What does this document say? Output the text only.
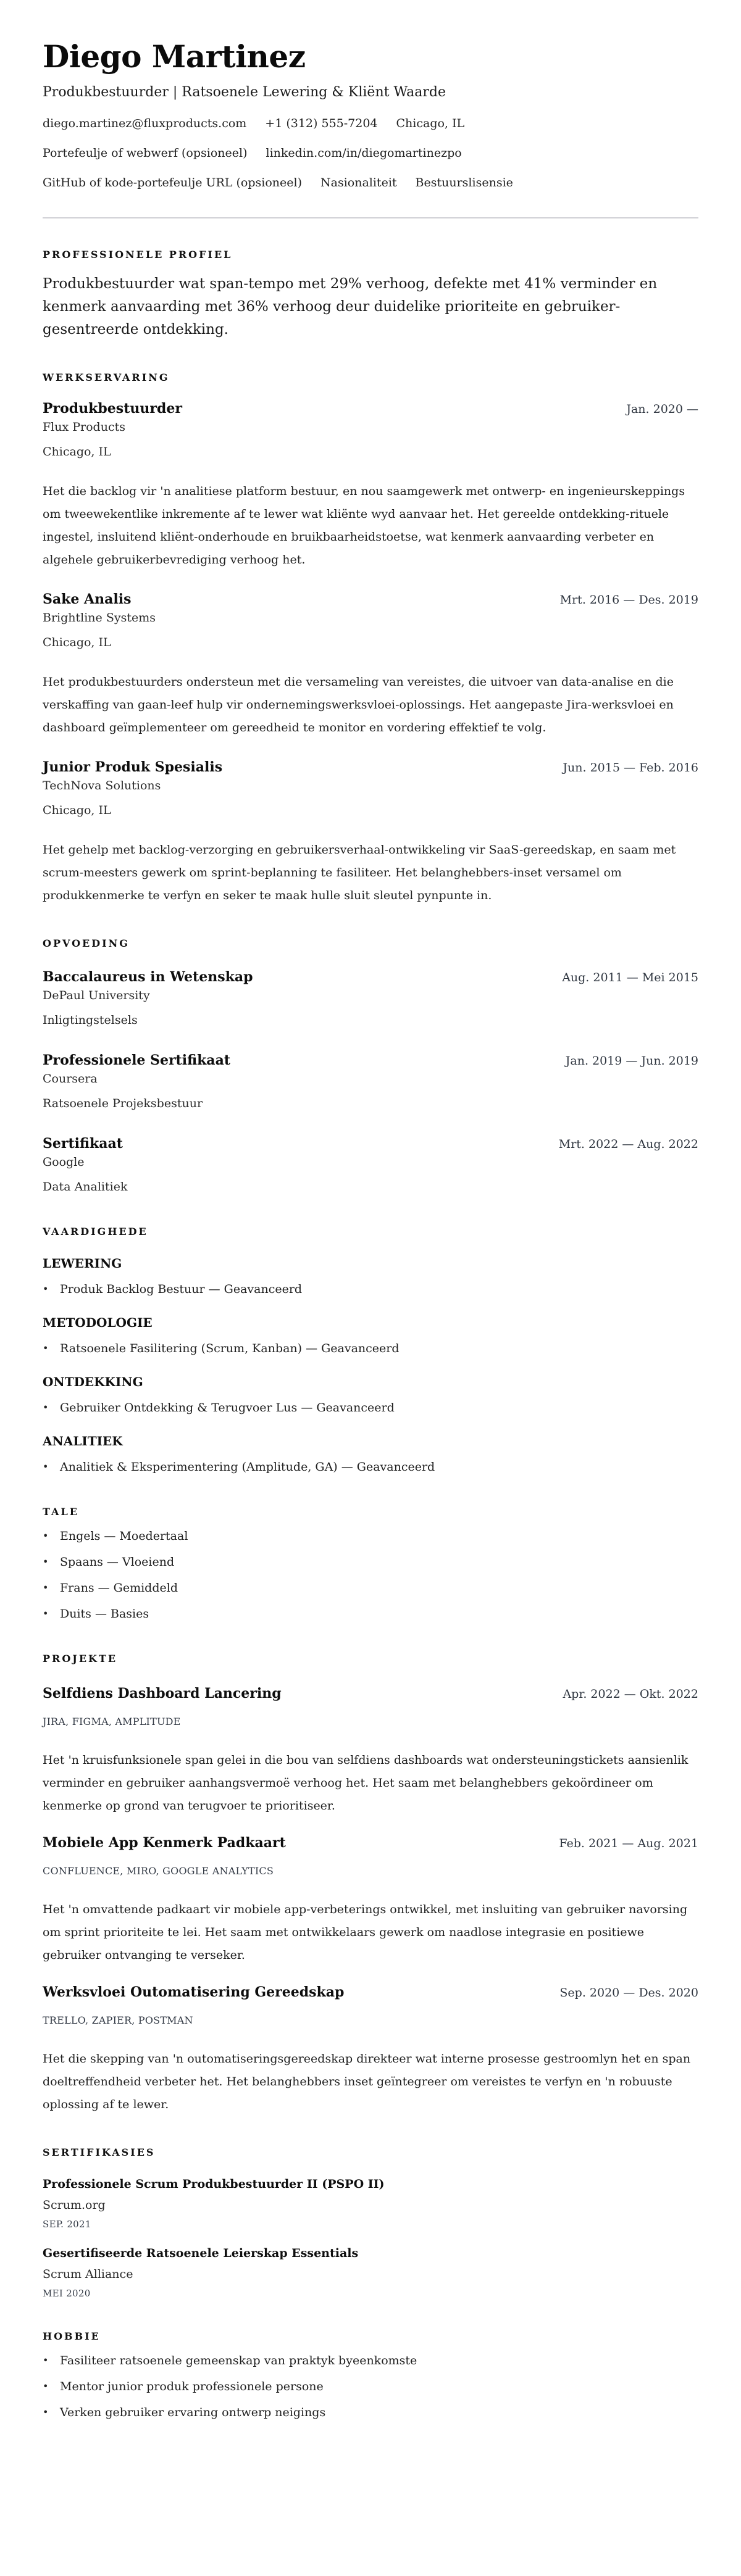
Diego Martinez
Produkbestuurder | Ratsoenele Lewering & Kliënt Waarde
diego.martinez@fluxproducts.com +1 (312) 555-7204 Chicago, IL
Portefeulje of webwerf (opsioneel) linkedin.com/in/diegomartinezpo
GitHub of kode-portefeulje URL (opsioneel) Nasionaliteit Bestuurslisensie
PROFESSIONELE PROFIEL

Produkbestuurder wat span-tempo met 29% verhoog, defekte met 41% verminder en kenmerk aanvaarding met 36% verhoog deur duidelike prioriteite en gebruiker-gesentreerde ontdekking.

WERKSERVARING
Produkbestuurder	Jan. 2020 —
Flux Products
Chicago, IL

Het die backlog vir 'n analitiese platform bestuur, en nou saamgewerk met ontwerp- en ingenieurskeppings om tweewekentlike inkremente af te lewer wat kliënte wyd aanvaar het. Het gereelde ontdekking-rituele ingestel, insluitend kliënt-onderhoude en bruikbaarheidstoetse, wat kenmerk aanvaarding verbeter en algehele gebruikerbevrediging verhoog het.

Sake Analis	Mrt. 2016 — Des. 2019
Brightline Systems
Chicago, IL

Het produkbestuurders ondersteun met die versameling van vereistes, die uitvoer van data-analise en die verskaffing van gaan-leef hulp vir ondernemingswerksvloei-oplossings. Het aangepaste Jira-werksvloei en dashboard geïmplementeer om gereedheid te monitor en vordering effektief te volg.

Junior Produk Spesialis	Jun. 2015 — Feb. 2016
TechNova Solutions
Chicago, IL

Het gehelp met backlog-verzorging en gebruikersverhaal-ontwikkeling vir SaaS-gereedskap, en saam met scrum-meesters gewerk om sprint-beplanning te fasiliteer. Het belanghebbers-inset versamel om produkkenmerke te verfyn en seker te maak hulle sluit sleutel pynpunte in.

OPVOEDING
Baccalaureus in Wetenskap	Aug. 2011 — Mei 2015
DePaul University
Inligtingstelsels
Professionele Sertifikaat	Jan. 2019 — Jun. 2019
Coursera
Ratsoenele Projeksbestuur
Sertifikaat	Mrt. 2022 — Aug. 2022
Google
Data Analitiek
VAARDIGHEDE
LEWERING
• Produk Backlog Bestuur — Geavanceerd
METODOLOGIE
• Ratsoenele Fasilitering (Scrum, Kanban) — Geavanceerd
ONTDEKKING
• Gebruiker Ontdekking & Terugvoer Lus — Geavanceerd
ANALITIEK
• Analitiek & Eksperimentering (Amplitude, GA) — Geavanceerd
TALE
• Engels — Moedertaal
• Spaans — Vloeiend
• Frans — Gemiddeld
• Duits — Basies
PROJEKTE
Selfdiens Dashboard Lancering	Apr. 2022 — Okt. 2022
JIRA, FIGMA, AMPLITUDE

Het 'n kruisfunksionele span gelei in die bou van selfdiens dashboards wat ondersteuningstickets aansienlik verminder en gebruiker aanhangsvermoë verhoog het. Het saam met belanghebbers gekoördineer om kenmerke op grond van terugvoer te prioritiseer.

Mobiele App Kenmerk Padkaart	Feb. 2021 — Aug. 2021
CONFLUENCE, MIRO, GOOGLE ANALYTICS

Het 'n omvattende padkaart vir mobiele app-verbeterings ontwikkel, met insluiting van gebruiker navorsing om sprint prioriteite te lei. Het saam met ontwikkelaars gewerk om naadlose integrasie en positiewe gebruiker ontvanging te verseker.

Werksvloei Outomatisering Gereedskap	Sep. 2020 — Des. 2020
TRELLO, ZAPIER, POSTMAN

Het die skepping van 'n outomatiseringsgereedskap direkteer wat interne prosesse gestroomlyn het en span doeltreffendheid verbeter het. Het belanghebbers inset geïntegreer om vereistes te verfyn en 'n robuuste oplossing af te lewer.

SERTIFIKASIES
Professionele Scrum Produkbestuurder II (PSPO II)
Scrum.org
SEP. 2021
Gesertifiseerde Ratsoenele Leierskap Essentials
Scrum Alliance
MEI 2020
HOBBIE
• Fasiliteer ratsoenele gemeenskap van praktyk byeenkomste
• Mentor junior produk professionele persone
• Verken gebruiker ervaring ontwerp neigings
